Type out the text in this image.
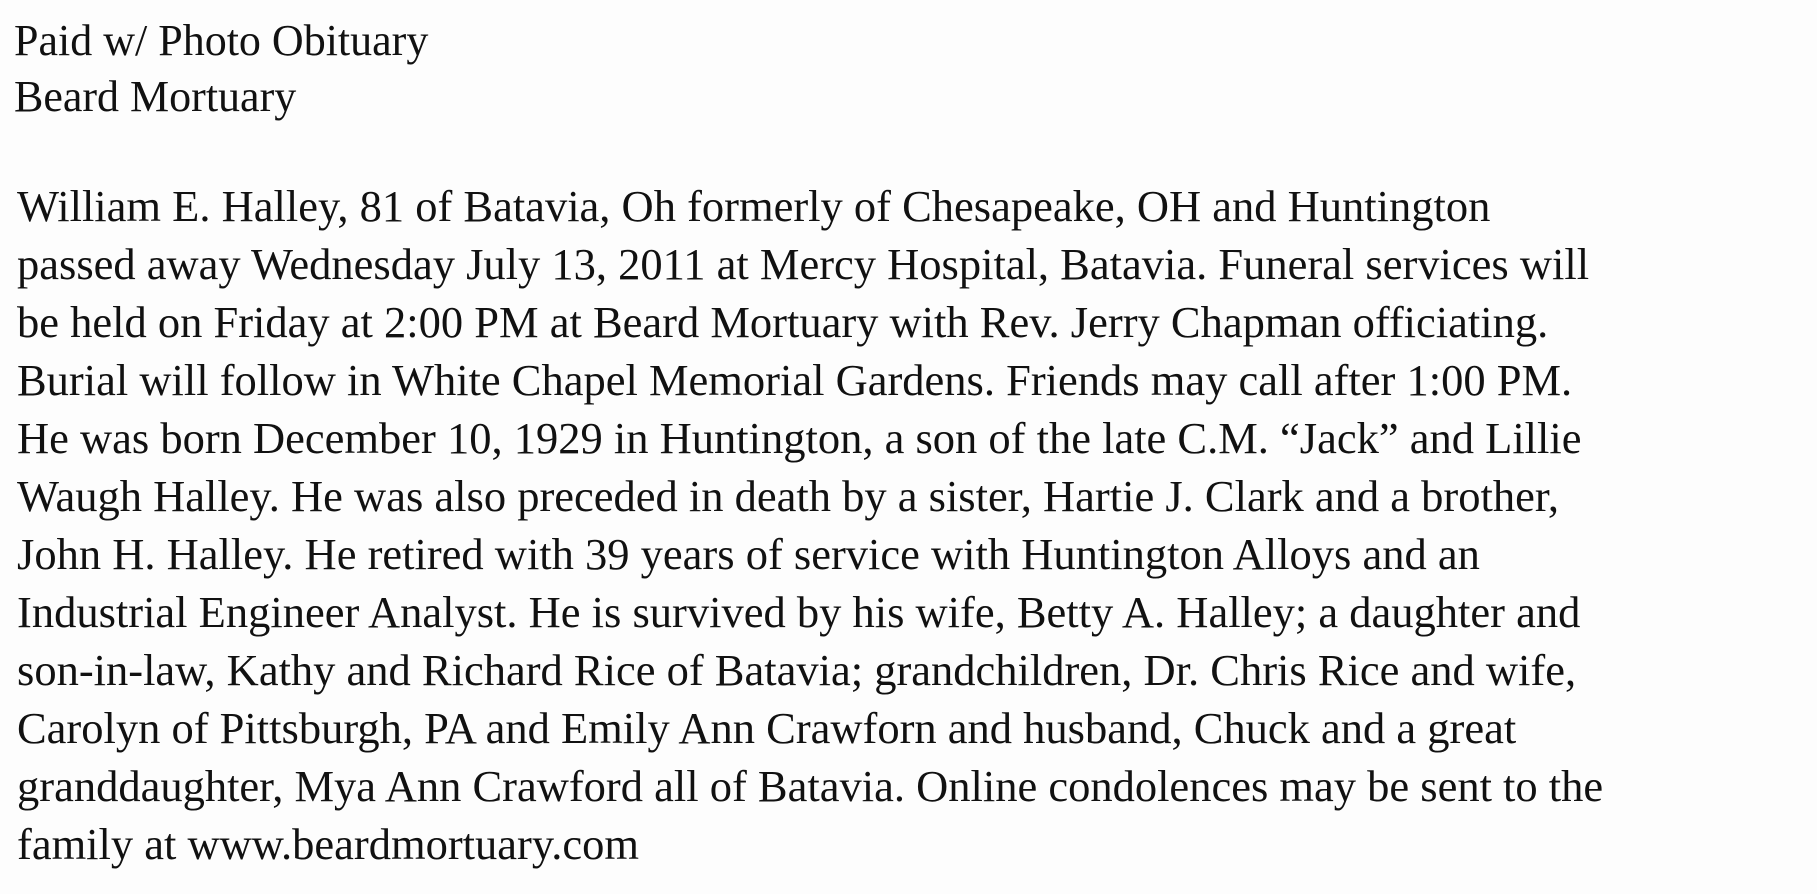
Paid w/ Photo Obituary
Beard Mortuary
William E. Halley, 81 of Batavia, Oh formerly of Chesapeake, OH and Huntington
passed away Wednesday July 13, 2011 at Mercy Hospital, Batavia. Funeral services will
be held on Friday at 2:00 PM at Beard Mortuary with Rev. Jerry Chapman officiating.
Burial will follow in White Chapel Memorial Gardens. Friends may call after 1:00 PM.
He was born December 10, 1929 in Huntington, a son of the late C.M. “Jack” and Lillie
Waugh Halley. He was also preceded in death by a sister, Hartie J. Clark and a brother,
John H. Halley. He retired with 39 years of service with Huntington Alloys and an
Industrial Engineer Analyst. He is survived by his wife, Betty A. Halley; a daughter and
son-in-law, Kathy and Richard Rice of Batavia; grandchildren, Dr. Chris Rice and wife,
Carolyn of Pittsburgh, PA and Emily Ann Crawforn and husband, Chuck and a great
granddaughter, Mya Ann Crawford all of Batavia. Online condolences may be sent to the
family at www.beardmortuary.com
